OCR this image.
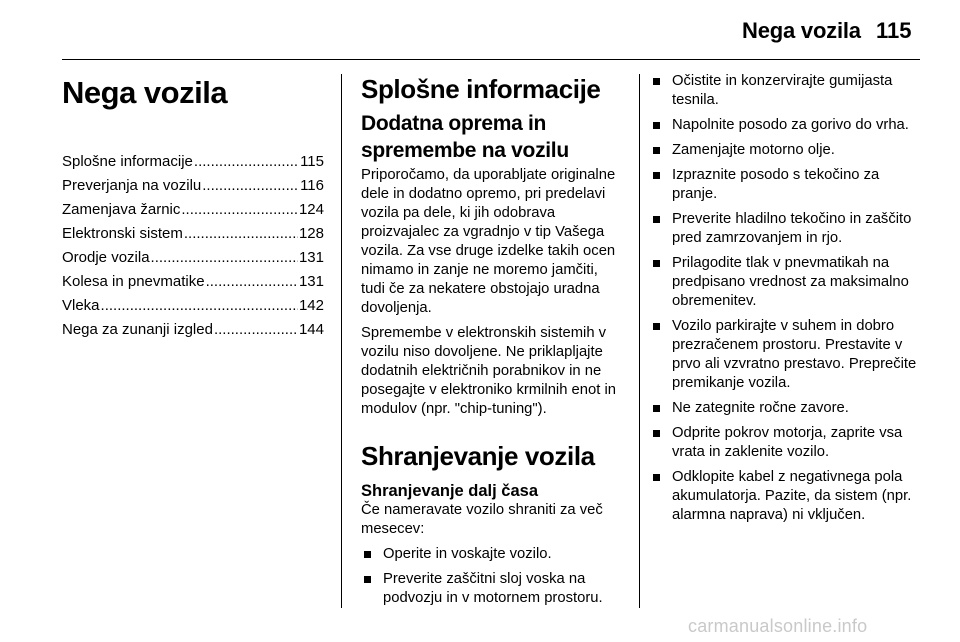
Nega vozila 115
Nega vozila
Splošne informacije .....	115
Preverjanja na vozilu .....	116
Zamenjava žarnic .....	124
Elektronski sistem .....	128
Orodje vozila .....	131
Kolesa in pnevmatike .....	131
Vleka .....	142
Nega za zunanji izgled .....	144
Splošne informacije
Dodatna oprema in spremembe na vozilu

Priporočamo, da uporabljate originalne dele in dodatno opremo, pri predelavi vozila pa dele, ki jih odobrava proizvajalec za vgradnjo v tip Vašega vozila. Za vse druge izdelke takih ocen nimamo in zanje ne moremo jamčiti, tudi če za nekatere obstojajo uradna dovoljenja.

Spremembe v elektronskih sistemih v vozilu niso dovoljene. Ne priklapljajte dodatnih električnih porabnikov in ne posegajte v elektroniko krmilnih enot in modulov (npr. "chip-tuning").

Shranjevanje vozila
Shranjevanje dalj časa

Če nameravate vozilo shraniti za več mesecev:

Operite in voskajte vozilo.
Preverite zaščitni sloj voska na podvozju in v motornem prostoru.
Očistite in konzervirajte gumijasta tesnila.
Napolnite posodo za gorivo do vrha.
Zamenjajte motorno olje.
Izpraznite posodo s tekočino za pranje.
Preverite hladilno tekočino in zaščito pred zamrzovanjem in rjo.
Prilagodite tlak v pnevmatikah na predpisano vrednost za maksimalno obremenitev.
Vozilo parkirajte v suhem in dobro prezračenem prostoru. Prestavite v prvo ali vzvratno prestavo. Preprečite premikanje vozila.
Ne zategnite ročne zavore.
Odprite pokrov motorja, zaprite vsa vrata in zaklenite vozilo.
Odklopite kabel z negativnega pola akumulatorja. Pazite, da sistem (npr. alarmna naprava) ni vključen.
carmanualsonline.info
